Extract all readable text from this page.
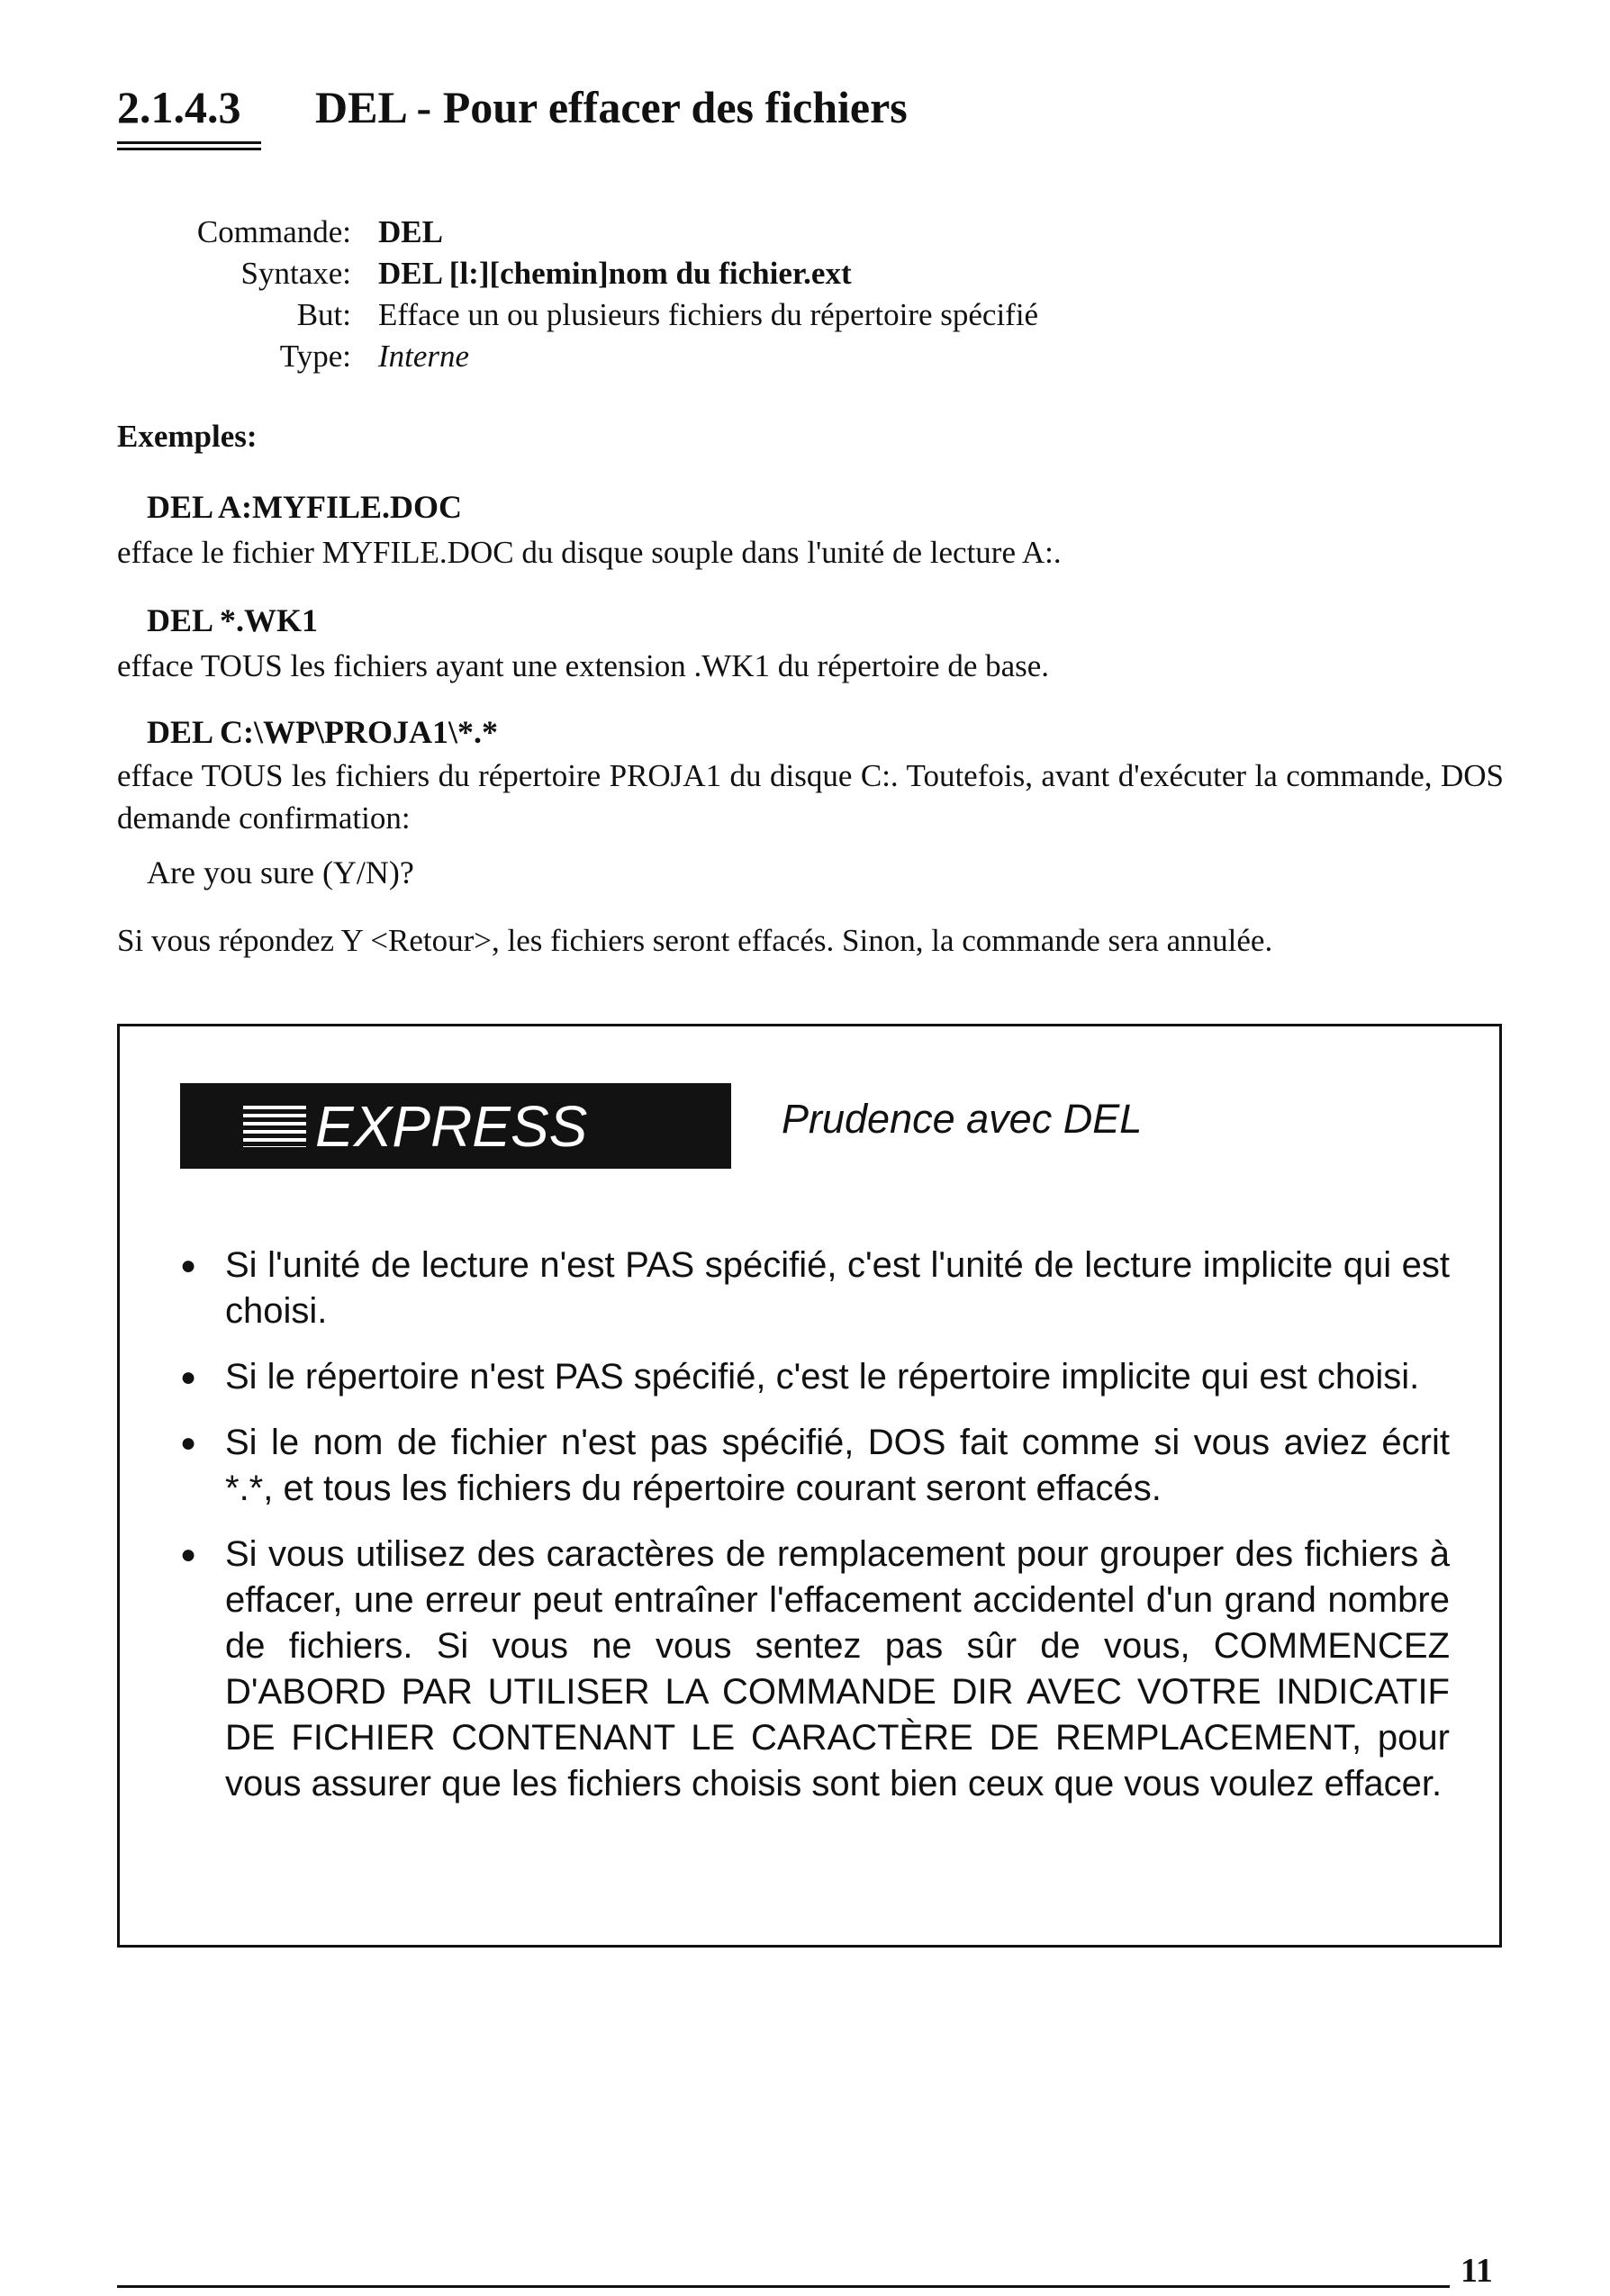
2.1.4.3 DEL - Pour effacer des fichiers
Commande: DEL
Syntaxe: DEL [l:][chemin]nom du fichier.ext
But: Efface un ou plusieurs fichiers du répertoire spécifié
Type: Interne
Exemples:
DEL A:MYFILE.DOC
efface le fichier MYFILE.DOC du disque souple dans l'unité de lecture A:.
DEL *.WK1
efface TOUS les fichiers ayant une extension .WK1 du répertoire de base.
DEL C:\WP\PROJA1\*.*
efface TOUS les fichiers du répertoire PROJA1 du disque C:. Toutefois, avant d'exécuter la commande, DOS demande confirmation:
Are you sure (Y/N)?
Si vous répondez Y <Retour>, les fichiers seront effacés. Sinon, la commande sera annulée.
EXPRESS	Prudence avec DEL
● Si l'unité de lecture n'est PAS spécifié, c'est l'unité de lecture implicite qui est choisi.
● Si le répertoire n'est PAS spécifié, c'est le répertoire implicite qui est choisi.
● Si le nom de fichier n'est pas spécifié, DOS fait comme si vous aviez écrit *.*, et tous les fichiers du répertoire courant seront effacés.
● Si vous utilisez des caractères de remplacement pour grouper des fichiers à effacer, une erreur peut entraîner l'effacement accidentel d'un grand nombre de fichiers. Si vous ne vous sentez pas sûr de vous, COMMENCEZ D'ABORD PAR UTILISER LA COMMANDE DIR AVEC VOTRE INDICATIF DE FICHIER CONTENANT LE CARACTÈRE DE REMPLACEMENT, pour vous assurer que les fichiers choisis sont bien ceux que vous voulez effacer.
11
